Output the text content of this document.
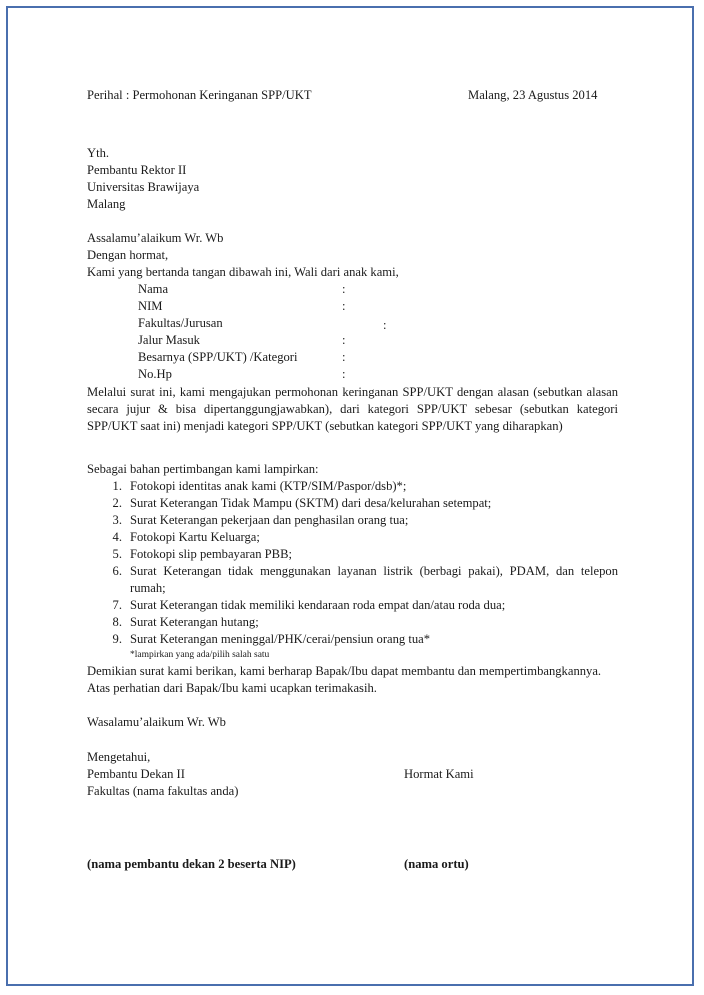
Perihal : Permohonan Keringanan SPP/UKT	Malang, 23 Agustus 2014
Yth.
Pembantu Rektor II
Universitas Brawijaya
Malang
Assalamu’alaikum Wr. Wb
Dengan hormat,
Kami yang bertanda tangan dibawah ini, Wali dari anak kami,
Nama	:
NIM	:
Fakultas/Jurusan	:
Jalur Masuk	:
Besarnya (SPP/UKT) /Kategori	:
No.Hp	:
Melalui surat ini, kami mengajukan permohonan keringanan SPP/UKT dengan alasan (sebutkan alasan secara jujur & bisa dipertanggungjawabkan), dari kategori SPP/UKT sebesar (sebutkan kategori SPP/UKT saat ini) menjadi kategori SPP/UKT (sebutkan kategori SPP/UKT yang diharapkan)
Sebagai bahan pertimbangan kami lampirkan:
1. Fotokopi identitas anak kami (KTP/SIM/Paspor/dsb)*;
2. Surat Keterangan Tidak Mampu (SKTM) dari desa/kelurahan setempat;
3. Surat Keterangan pekerjaan dan penghasilan orang tua;
4. Fotokopi Kartu Keluarga;
5. Fotokopi slip pembayaran PBB;
6. Surat Keterangan tidak menggunakan layanan listrik (berbagi pakai), PDAM, dan telepon rumah;
7. Surat Keterangan tidak memiliki kendaraan roda empat dan/atau roda dua;
8. Surat Keterangan hutang;
9. Surat Keterangan meninggal/PHK/cerai/pensiun orang tua*
*lampirkan yang ada/pilih salah satu
Demikian surat kami berikan, kami berharap Bapak/Ibu dapat membantu dan mempertimbangkannya.
Atas perhatian dari Bapak/Ibu kami ucapkan terimakasih.
Wasalamu’alaikum Wr. Wb
Mengetahui,
Pembantu Dekan II	Hormat Kami
Fakultas (nama fakultas anda)
(nama pembantu dekan 2 beserta NIP)	(nama ortu)
